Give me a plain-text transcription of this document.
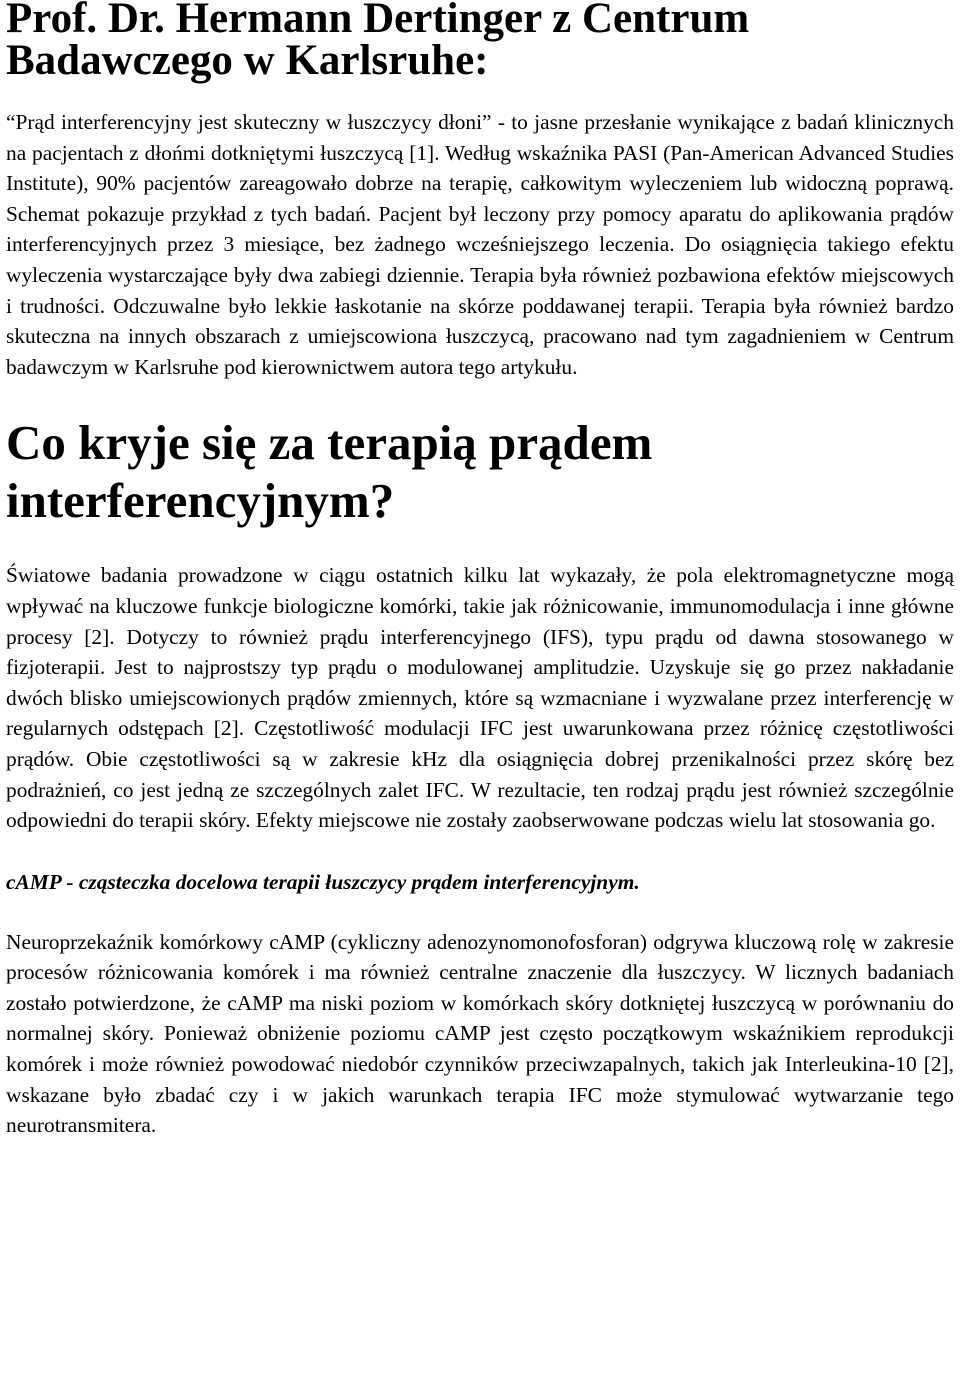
Prof. Dr. Hermann Dertinger z Centrum Badawczego w Karlsruhe:

“Prąd interferencyjny jest skuteczny w łuszczycy dłoni” - to jasne przesłanie wynikające z badań klinicznych na pacjentach z dłońmi dotkniętymi łuszczycą [1]. Według wskaźnika PASI (Pan-American Advanced Studies Institute), 90% pacjentów zareagowało dobrze na terapię, całkowitym wyleczeniem lub widoczną poprawą. Schemat pokazuje przykład z tych badań. Pacjent był leczony przy pomocy aparatu do aplikowania prądów interferencyjnych przez 3 miesiące, bez żadnego wcześniejszego leczenia. Do osiągnięcia takiego efektu wyleczenia wystarczające były dwa zabiegi dziennie. Terapia była również pozbawiona efektów miejscowych i trudności. Odczuwalne było lekkie łaskotanie na skórze poddawanej terapii. Terapia była również bardzo skuteczna na innych obszarach z umiejscowiona łuszczycą, pracowano nad tym zagadnieniem w Centrum badawczym w Karlsruhe pod kierownictwem autora tego artykułu.

Co kryje się za terapią prądem interferencyjnym?

Światowe badania prowadzone w ciągu ostatnich kilku lat wykazały, że pola elektromagnetyczne mogą wpływać na kluczowe funkcje biologiczne komórki, takie jak różnicowanie, immunomodulacja i inne główne procesy [2]. Dotyczy to również prądu interferencyjnego (IFS), typu prądu od dawna stosowanego w fizjoterapii. Jest to najprostszy typ prądu o modulowanej amplitudzie. Uzyskuje się go przez nakładanie dwóch blisko umiejscowionych prądów zmiennych, które są wzmacniane i wyzwalane przez interferencję w regularnych odstępach [2]. Częstotliwość modulacji IFC jest uwarunkowana przez różnicę częstotliwości prądów. Obie częstotliwości są w zakresie kHz dla osiągnięcia dobrej przenikalności przez skórę bez podrażnień, co jest jedną ze szczególnych zalet IFC. W rezultacie, ten rodzaj prądu jest również szczególnie odpowiedni do terapii skóry. Efekty miejscowe nie zostały zaobserwowane podczas wielu lat stosowania go.

cAMP - cząsteczka docelowa terapii łuszczycy prądem interferencyjnym.

Neuroprzekaźnik komórkowy cAMP (cykliczny adenozynomonofosforan) odgrywa kluczową rolę w zakresie procesów różnicowania komórek i ma również centralne znaczenie dla łuszczycy. W licznych badaniach zostało potwierdzone, że cAMP ma niski poziom w komórkach skóry dotkniętej łuszczycą w porównaniu do normalnej skóry. Ponieważ obniżenie poziomu cAMP jest często początkowym wskaźnikiem reprodukcji komórek i może również powodować niedobór czynników przeciwzapalnych, takich jak Interleukina-10 [2], wskazane było zbadać czy i w jakich warunkach terapia IFC może stymulować wytwarzanie tego neurotransmitera.
